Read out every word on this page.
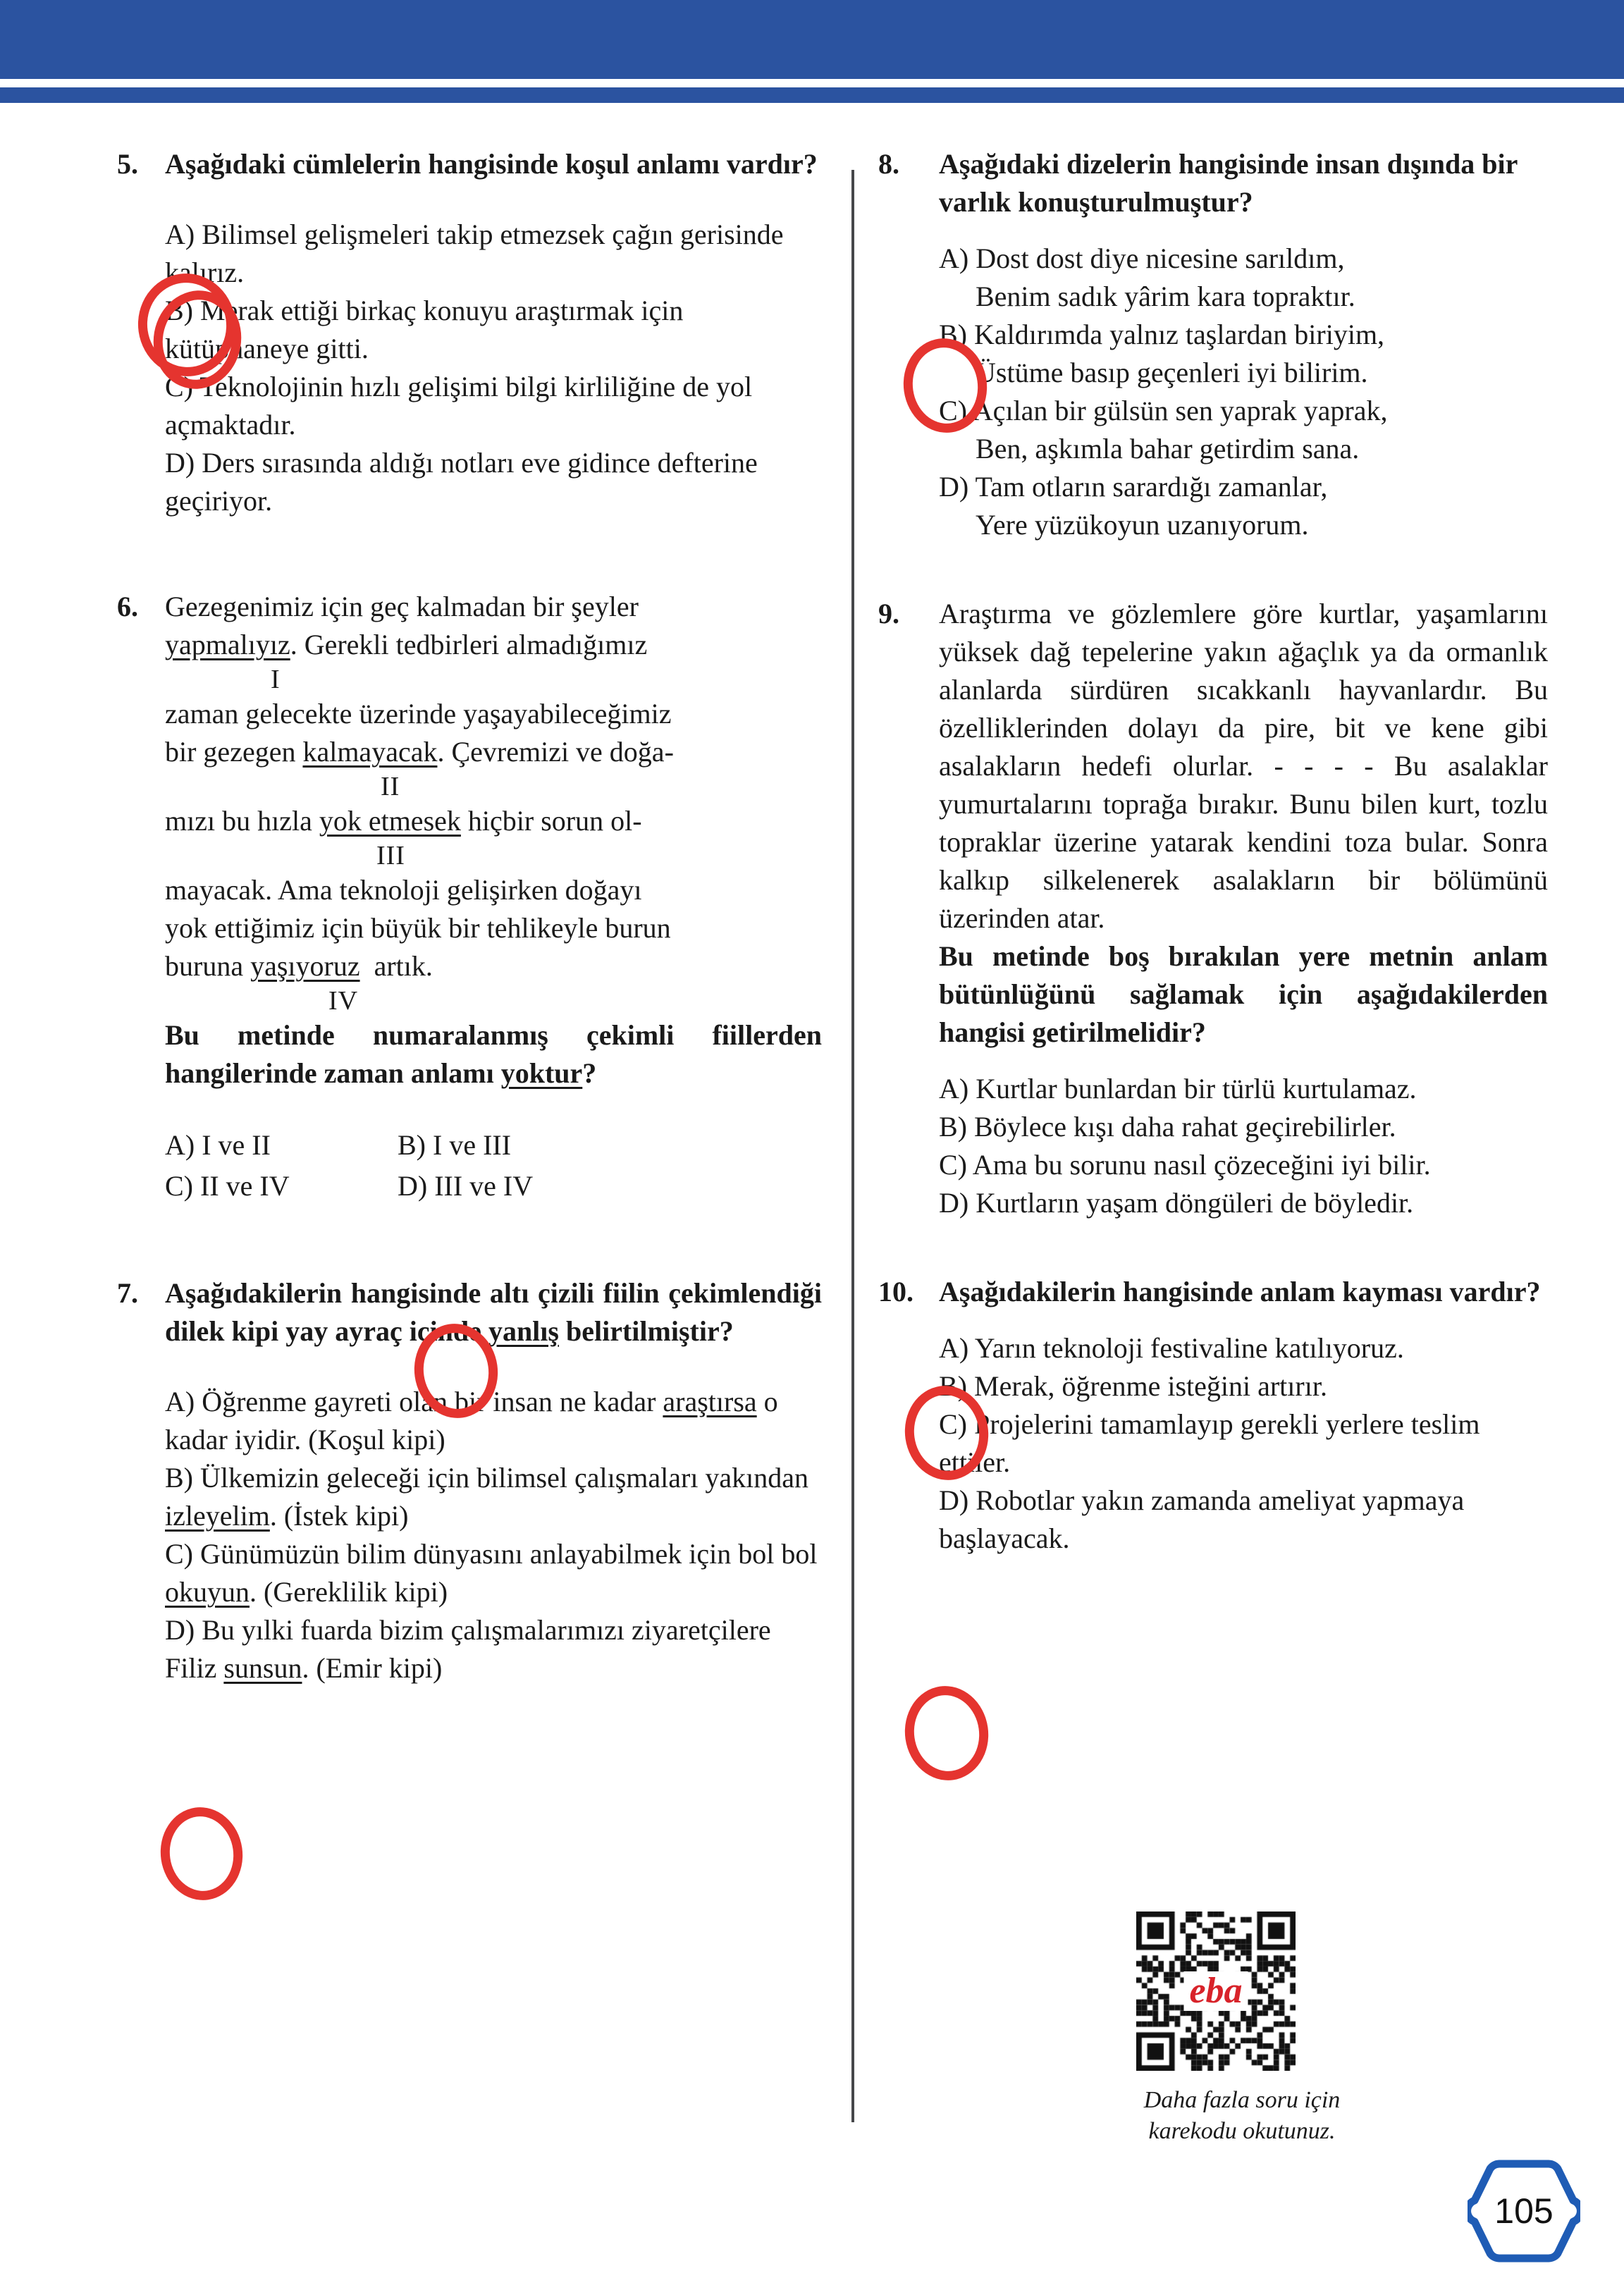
5. Aşağıdaki cümlelerin hangisinde koşul anlamı vardır?
A) Bilimsel gelişmeleri takip etmezsek çağın gerisinde kalırız.
B) Merak ettiği birkaç konuyu araştırmak için kütüphaneye gitti.
C) Teknolojinin hızlı gelişimi bilgi kirliliğine de yol açmaktadır.
D) Ders sırasında aldığı notları eve gidince defterine geçiriyor.
6. Gezegenimiz için geç kalmadan bir şeyler
yapmalıyız. Gerekli tedbirleri almadığımız
I
zaman gelecekte üzerinde yaşayabileceğimiz
bir gezegen kalmayacak. Çevremizi ve doğa-
II
mızı bu hızla yok etmesek hiçbir sorun ol-
III
mayacak. Ama teknoloji gelişirken doğayı
yok ettiğimiz için büyük bir tehlikeyle burun
buruna yaşıyoruz  artık.
IV
Bu metinde numaralanmış çekimli fiillerden hangilerinde zaman anlamı yoktur?
A) I ve II	B) I ve III
C) II ve IV	D) III ve IV
7. Aşağıdakilerin hangisinde altı çizili fiilin çekimlendiği dilek kipi yay ayraç içinde yanlış belirtilmiştir?
A) Öğrenme gayreti olan bir insan ne kadar araştırsa o kadar iyidir. (Koşul kipi)
B) Ülkemizin geleceği için bilimsel çalışmaları yakından izleyelim. (İstek kipi)
C) Günümüzün bilim dünyasını anlayabilmek için bol bol okuyun. (Gereklilik kipi)
D) Bu yılki fuarda bizim çalışmalarımızı ziyaretçilere Filiz sunsun. (Emir kipi)
8.	Aşağıdaki dizelerin hangisinde insan dışında bir varlık konuşturulmuştur?
A) Dost dost diye nicesine sarıldım,
Benim sadık yârim kara topraktır.
B) Kaldırımda yalnız taşlardan biriyim,
Üstüme basıp geçenleri iyi bilirim.
C) Açılan bir gülsün sen yaprak yaprak,
Ben, aşkımla bahar getirdim sana.
D) Tam otların sarardığı zamanlar,
Yere yüzükoyun uzanıyorum.
9.	Araştırma ve gözlemlere göre kurtlar, yaşamlarını yüksek dağ tepelerine yakın ağaçlık ya da ormanlık alanlarda sürdüren sıcakkanlı hayvanlardır. Bu özelliklerinden dolayı da pire, bit ve kene gibi asalakların hedefi olurlar. - - - - Bu asalaklar yumurtalarını toprağa bırakır. Bunu bilen kurt, tozlu topraklar üzerine yatarak kendini toza bular. Sonra kalkıp silkelenerek asalakların bir bölümünü üzerinden atar.
Bu metinde boş bırakılan yere metnin anlam bütünlüğünü sağlamak için aşağıdakilerden hangisi getirilmelidir?
A) Kurtlar bunlardan bir türlü kurtulamaz.
B) Böylece kışı daha rahat geçirebilirler.
C) Ama bu sorunu nasıl çözeceğini iyi bilir.
D) Kurtların yaşam döngüleri de böyledir.
10. Aşağıdakilerin hangisinde anlam kayması vardır?
A) Yarın teknoloji festivaline katılıyoruz.
B) Merak, öğrenme isteğini artırır.
C) Projelerini tamamlayıp gerekli yerlere teslim ettiler.
D) Robotlar yakın zamanda ameliyat yapmaya başlayacak.
eba
Daha fazla soru için
karekodu okutunuz.
105
